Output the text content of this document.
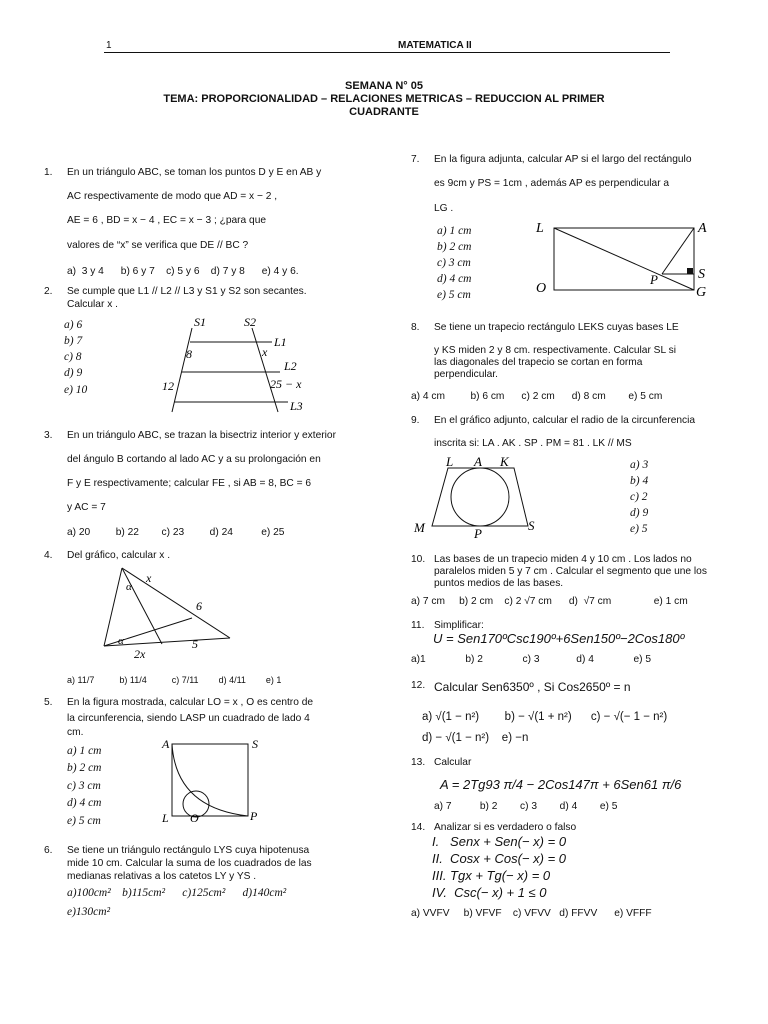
1	MATEMATICA II
SEMANA N° 05
TEMA: PROPORCIONALIDAD – RELACIONES METRICAS – REDUCCION AL PRIMER
CUADRANTE
1.	En un triángulo ABC, se toman los puntos D y E en AB y
AC respectivamente de modo que AD = x − 2 ,
AE = 6 , BD = x − 4 , EC = x − 3 ; ¿para que
valores de “x” se verifica que DE // BC ?
a)  3 y 4      b) 6 y 7    c) 5 y 6    d) 7 y 8      e) 4 y 6.
2.	Se cumple que L1 // L2 // L3 y S1 y S2 son secantes.
Calcular x .
a) 6
b) 7
c) 8
d) 9
e) 10
S1	S2
L1
L2
L3
8	x
12	25 − x
3.	En un triángulo ABC, se trazan la bisectriz interior y exterior
del ángulo B cortando al lado AC y a su prolongación en
F y E respectivamente; calcular FE , si AB = 8, BC = 6
y AC = 7
a) 20         b) 22        c) 23         d) 24          e) 25
4.	Del gráfico, calcular x .
α
α
x
6
5
2x
a) 11/7          b) 11/4          c) 7/11        d) 4/11        e) 1
5.	En la figura mostrada, calcular LO = x , O es centro de
la circunferencia, siendo LASP un cuadrado de lado 4
cm.
a) 1 cm
b) 2 cm
c) 3 cm
d) 4 cm
e) 5 cm
A	S
L O	P
6.	Se tiene un triángulo rectángulo LYS cuya hipotenusa
mide 10 cm. Calcular la suma de los cuadrados de las
medianas relativas a los catetos LY y YS .
a)100cm²    b)115cm²      c)125cm²      d)140cm²
e)130cm²
7.	En la figura adjunta, calcular AP si el largo del rectángulo
es 9cm y PS = 1cm , además AP es perpendicular a
LG .
a) 1 cm
b) 2 cm
c) 3 cm
d) 4 cm
e) 5 cm
L	A
P	S
O	G
8.	Se tiene un trapecio rectángulo LEKS cuyas bases LE
y KS miden 2 y 8 cm. respectivamente. Calcular SL si
las diagonales del trapecio se cortan en forma
perpendicular.
a) 4 cm         b) 6 cm      c) 2 cm      d) 8 cm        e) 5 cm
9.	En el gráfico adjunto, calcular el radio de la circunferencia
inscrita si: LA . AK . SP . PM = 81 . LK // MS
a) 3
b) 4
c) 2
d) 9
e) 5
L A K
M	P
S
10. Las bases de un trapecio miden 4 y 10 cm . Los lados no
paralelos miden 5 y 7 cm . Calcular el segmento que une los
puntos medios de las bases.
a) 7 cm     b) 2 cm    c) 2 √7 cm      d)  √7 cm               e) 1 cm
11. Simplificar:
U = Sen170ºCsc190º+6Sen150º−2Cos180º
a)1              b) 2              c) 3             d) 4              e) 5
12. Calcular Sen6350º , Si Cos2650º = n
a) √(1 − n²)        b) − √(1 + n²)      c) − √(− 1 − n²)
d) − √(1 − n²)    e) −n
13. Calcular
A = 2Tg93 π/4 − 2Cos147π + 6Sen61 π/6
a) 7          b) 2        c) 3        d) 4        e) 5
14. Analizar si es verdadero o falso
I.   Senx + Sen(− x) = 0
II.  Cosx + Cos(− x) = 0
III. Tgx + Tg(− x) = 0
IV.  Csc(− x) + 1 ≤ 0
a) VVFV     b) VFVF    c) VFVV   d) FFVV      e) VFFF
